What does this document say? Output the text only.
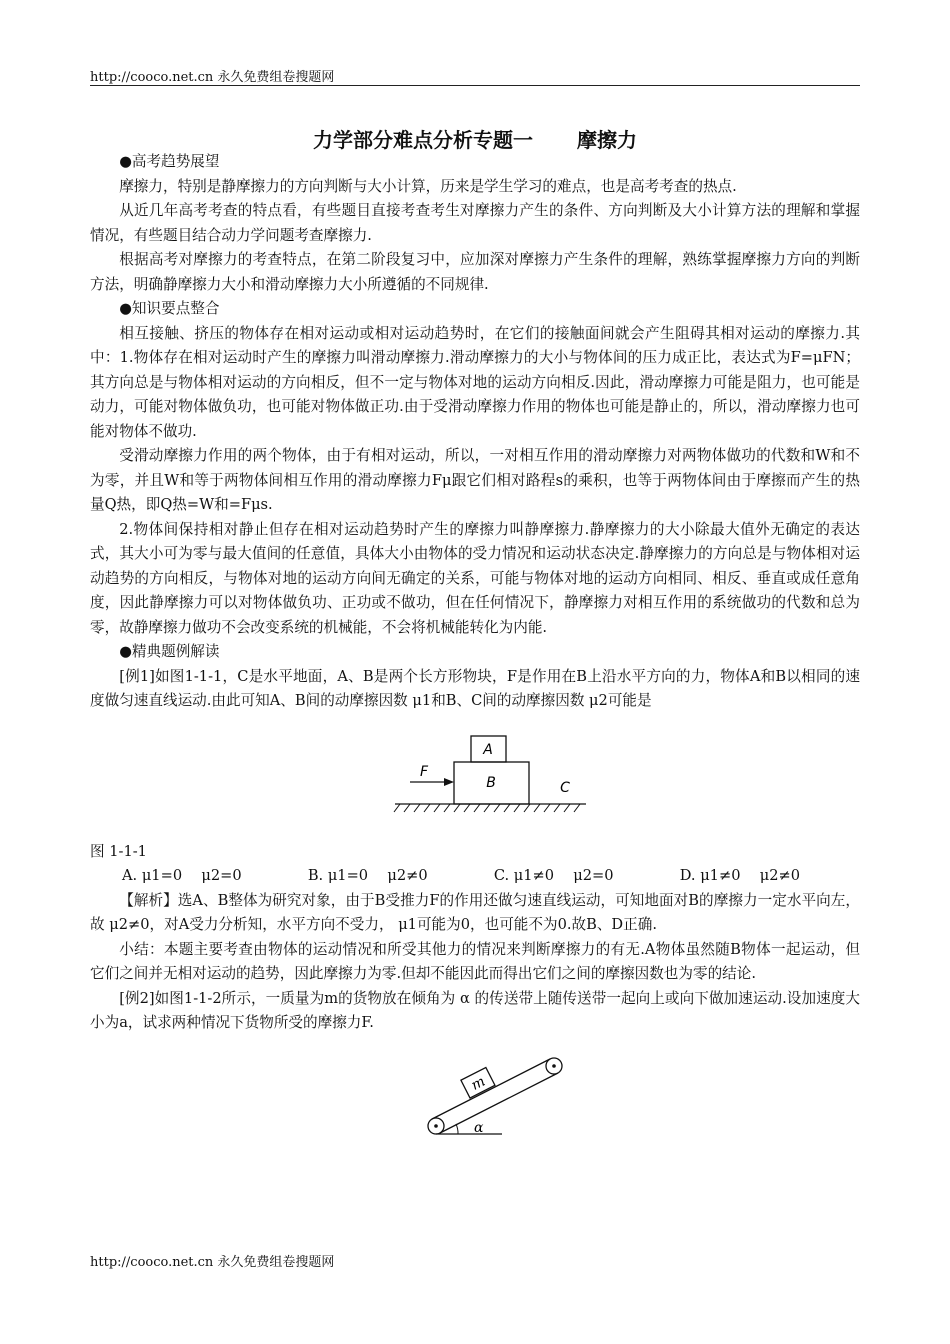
http://cooco.net.cn 永久免费组卷搜题网
力学部分难点分析专题一 摩擦力

●高考趋势展望

摩擦力，特别是静摩擦力的方向判断与大小计算，历来是学生学习的难点，也是高考考查的热点.

从近几年高考考查的特点看，有些题目直接考查考生对摩擦力产生的条件、方向判断及大小计算方法的理解和掌握情况，有些题目结合动力学问题考查摩擦力.

根据高考对摩擦力的考查特点，在第二阶段复习中，应加深对摩擦力产生条件的理解，熟练掌握摩擦力方向的判断方法，明确静摩擦力大小和滑动摩擦力大小所遵循的不同规律.

●知识要点整合

相互接触、挤压的物体存在相对运动或相对运动趋势时，在它们的接触面间就会产生阻碍其相对运动的摩擦力.其中：1.物体存在相对运动时产生的摩擦力叫滑动摩擦力.滑动摩擦力的大小与物体间的压力成正比，表达式为F=μFN；其方向总是与物体相对运动的方向相反，但不一定与物体对地的运动方向相反.因此，滑动摩擦力可能是阻力，也可能是动力，可能对物体做负功，也可能对物体做正功.由于受滑动摩擦力作用的物体也可能是静止的，所以，滑动摩擦力也可能对物体不做功.

受滑动摩擦力作用的两个物体，由于有相对运动，所以，一对相互作用的滑动摩擦力对两物体做功的代数和W和不为零，并且W和等于两物体间相互作用的滑动摩擦力Fμ跟它们相对路程s的乘积，也等于两物体间由于摩擦而产生的热量Q热，即Q热=W和=Fμs.

2.物体间保持相对静止但存在相对运动趋势时产生的摩擦力叫静摩擦力.静摩擦力的大小除最大值外无确定的表达式，其大小可为零与最大值间的任意值，具体大小由物体的受力情况和运动状态决定.静摩擦力的方向总是与物体相对运动趋势的方向相反，与物体对地的运动方向间无确定的关系，可能与物体对地的运动方向相同、相反、垂直或成任意角度，因此静摩擦力可以对物体做负功、正功或不做功，但在任何情况下，静摩擦力对相互作用的系统做功的代数和总为零，故静摩擦力做功不会改变系统的机械能，不会将机械能转化为内能.

●精典题例解读

[例1]如图1-1-1，C是水平地面，A、B是两个长方形物块，F是作用在B上沿水平方向的力，物体A和B以相同的速度做匀速直线运动.由此可知A、B间的动摩擦因数 μ1和B、C间的动摩擦因数 μ2可能是

A
B	C
F

图 1-1-1

A. μ1=0　 μ2=0	B. μ1=0　 μ2≠0	C. μ1≠0　 μ2=0	D. μ1≠0　 μ2≠0

【解析】选A、B整体为研究对象，由于B受推力F的作用还做匀速直线运动，可知地面对B的摩擦力一定水平向左，故 μ2≠0，对A受力分析知，水平方向不受力， μ1可能为0，也可能不为0.故B、D正确.

小结：本题主要考查由物体的运动情况和所受其他力的情况来判断摩擦力的有无.A物体虽然随B物体一起运动，但它们之间并无相对运动的趋势，因此摩擦力为零.但却不能因此而得出它们之间的摩擦因数也为零的结论.

[例2]如图1-1-2所示，一质量为m的货物放在倾角为 α 的传送带上随传送带一起向上或向下做加速运动.设加速度大小为a，试求两种情况下货物所受的摩擦力F.

m
α
http://cooco.net.cn 永久免费组卷搜题网
